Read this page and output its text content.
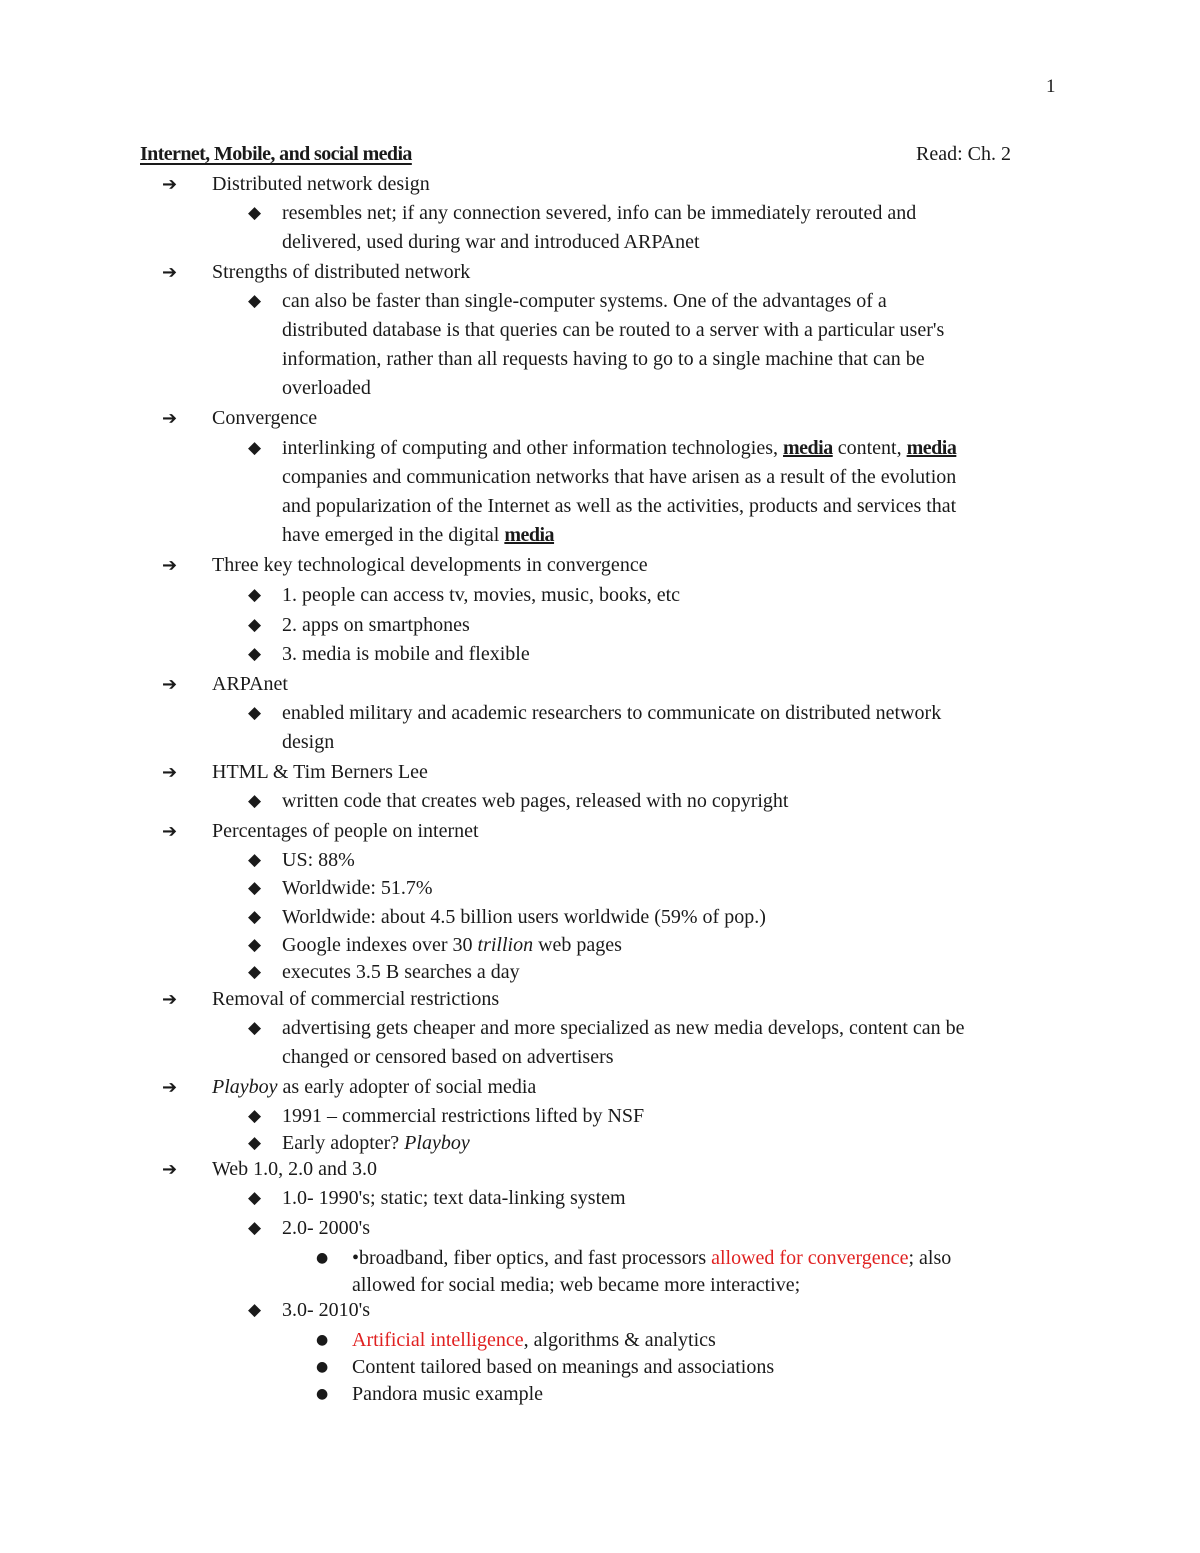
1
Internet, Mobile, and social media	Read: Ch. 2
➔ Distributed network design
◆ resembles net; if any connection severed, info can be immediately rerouted and
delivered, used during war and introduced ARPAnet
➔ Strengths of distributed network
◆ can also be faster than single-computer systems. One of the advantages of a
distributed database is that queries can be routed to a server with a particular user's
information, rather than all requests having to go to a single machine that can be
overloaded
➔ Convergence
◆ interlinking of computing and other information technologies, media content, media
companies and communication networks that have arisen as a result of the evolution
and popularization of the Internet as well as the activities, products and services that
have emerged in the digital media
➔ Three key technological developments in convergence
◆ 1. people can access tv, movies, music, books, etc
◆ 2. apps on smartphones
◆ 3. media is mobile and flexible
➔ ARPAnet
◆ enabled military and academic researchers to communicate on distributed network
design
➔ HTML & Tim Berners Lee
◆ written code that creates web pages, released with no copyright
➔ Percentages of people on internet
◆ US: 88%
◆ Worldwide: 51.7%
◆ Worldwide: about 4.5 billion users worldwide (59% of pop.)
◆ Google indexes over 30 trillion web pages
◆ executes 3.5 B searches a day
➔ Removal of commercial restrictions
◆ advertising gets cheaper and more specialized as new media develops, content can be
changed or censored based on advertisers
➔ Playboy as early adopter of social media
◆ 1991 – commercial restrictions lifted by NSF
◆ Early adopter? Playboy
➔ Web 1.0, 2.0 and 3.0
◆ 1.0- 1990's; static; text data-linking system
◆ 2.0- 2000's
● •broadband, fiber optics, and fast processors allowed for convergence; also
allowed for social media; web became more interactive;
◆ 3.0- 2010's
● Artificial intelligence, algorithms & analytics
● Content tailored based on meanings and associations
● Pandora music example
